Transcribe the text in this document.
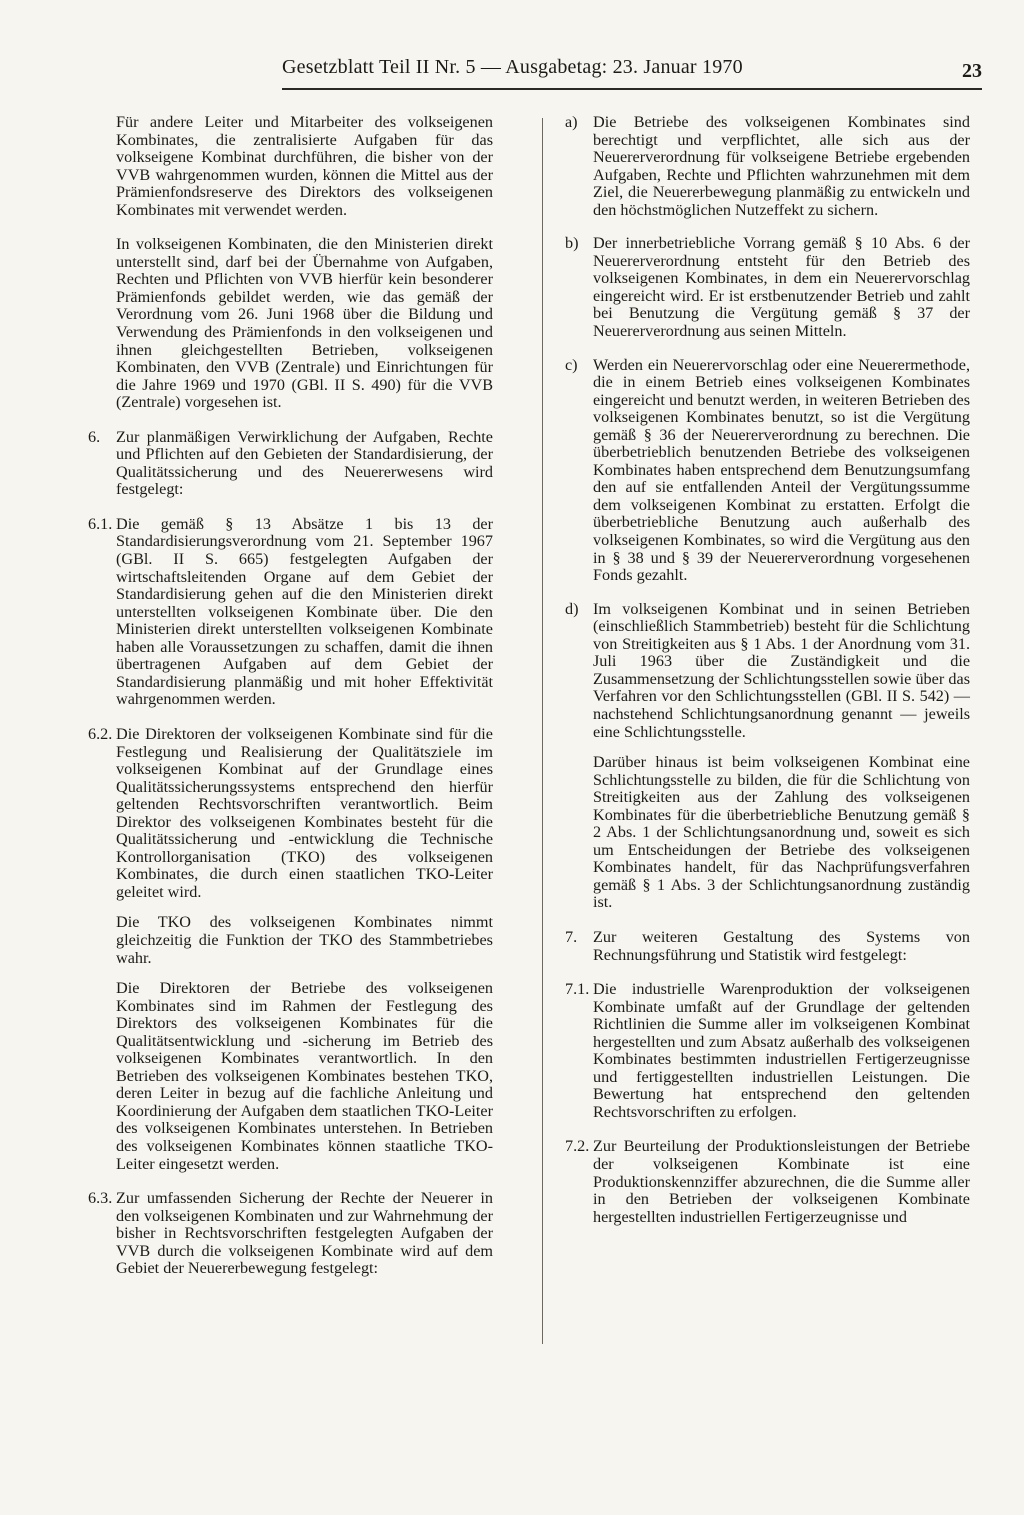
Gesetzblatt Teil II Nr. 5 — Ausgabetag: 23. Januar 1970	23

Für andere Leiter und Mitarbeiter des volkseigenen Kombinates, die zentralisierte Aufgaben für das volkseigene Kombinat durchführen, die bisher von der VVB wahrgenommen wurden, können die Mittel aus der Prämienfondsreserve des Direktors des volkseigenen Kombinates mit verwendet werden.

In volkseigenen Kombinaten, die den Ministerien direkt unterstellt sind, darf bei der Übernahme von Aufgaben, Rechten und Pflichten von VVB hierfür kein besonderer Prämienfonds gebildet werden, wie das gemäß der Verordnung vom 26. Juni 1968 über die Bildung und Verwendung des Prämienfonds in den volkseigenen und ihnen gleichgestellten Betrieben, volkseigenen Kombinaten, den VVB (Zentrale) und Einrichtungen für die Jahre 1969 und 1970 (GBl. II S. 490) für die VVB (Zentrale) vorgesehen ist.

6. Zur planmäßigen Verwirklichung der Aufgaben, Rechte und Pflichten auf den Gebieten der Standardisierung, der Qualitätssicherung und des Neuererwesens wird festgelegt:
6.1. Die gemäß § 13 Absätze 1 bis 13 der Standardisierungsverordnung vom 21. September 1967 (GBl. II S. 665) festgelegten Aufgaben der wirtschaftsleitenden Organe auf dem Gebiet der Standardisierung gehen auf die den Ministerien direkt unterstellten volkseigenen Kombinate über. Die den Ministerien direkt unterstellten volkseigenen Kombinate haben alle Voraussetzungen zu schaffen, damit die ihnen übertragenen Aufgaben auf dem Gebiet der Standardisierung planmäßig und mit hoher Effektivität wahrgenommen werden.
6.2. Die Direktoren der volkseigenen Kombinate sind für die Festlegung und Realisierung der Qualitätsziele im volkseigenen Kombinat auf der Grundlage eines Qualitätssicherungssystems entsprechend den hierfür geltenden Rechtsvorschriften verantwortlich. Beim Direktor des volkseigenen Kombinates besteht für die Qualitätssicherung und -entwicklung die Technische Kontrollorganisation (TKO) des volkseigenen Kombinates, die durch einen staatlichen TKO-Leiter geleitet wird.

Die TKO des volkseigenen Kombinates nimmt gleichzeitig die Funktion der TKO des Stammbetriebes wahr.

Die Direktoren der Betriebe des volkseigenen Kombinates sind im Rahmen der Festlegung des Direktors des volkseigenen Kombinates für die Qualitätsentwicklung und -sicherung im Betrieb des volkseigenen Kombinates verantwortlich. In den Betrieben des volkseigenen Kombinates bestehen TKO, deren Leiter in bezug auf die fachliche Anleitung und Koordinierung der Aufgaben dem staatlichen TKO-Leiter des volkseigenen Kombinates unterstehen. In Betrieben des volkseigenen Kombinates können staatliche TKO-Leiter eingesetzt werden.

6.3. Zur umfassenden Sicherung der Rechte der Neuerer in den volkseigenen Kombinaten und zur Wahrnehmung der bisher in Rechtsvorschriften festgelegten Aufgaben der VVB durch die volkseigenen Kombinate wird auf dem Gebiet der Neuererbewegung festgelegt:
a) Die Betriebe des volkseigenen Kombinates sind berechtigt und verpflichtet, alle sich aus der Neuererverordnung für volkseigene Betriebe ergebenden Aufgaben, Rechte und Pflichten wahrzunehmen mit dem Ziel, die Neuererbewegung planmäßig zu entwickeln und den höchstmöglichen Nutzeffekt zu sichern.
b) Der innerbetriebliche Vorrang gemäß § 10 Abs. 6 der Neuererverordnung entsteht für den Betrieb des volkseigenen Kombinates, in dem ein Neuerervorschlag eingereicht wird. Er ist erstbenutzender Betrieb und zahlt bei Benutzung die Vergütung gemäß § 37 der Neuererverordnung aus seinen Mitteln.
c) Werden ein Neuerervorschlag oder eine Neuerermethode, die in einem Betrieb eines volkseigenen Kombinates eingereicht und benutzt werden, in weiteren Betrieben des volkseigenen Kombinates benutzt, so ist die Vergütung gemäß § 36 der Neuererverordnung zu berechnen. Die überbetrieblich benutzenden Betriebe des volkseigenen Kombinates haben entsprechend dem Benutzungsumfang den auf sie entfallenden Anteil der Vergütungssumme dem volkseigenen Kombinat zu erstatten. Erfolgt die überbetriebliche Benutzung auch außerhalb des volkseigenen Kombinates, so wird die Vergütung aus den in § 38 und § 39 der Neuererverordnung vorgesehenen Fonds gezahlt.
d) Im volkseigenen Kombinat und in seinen Betrieben (einschließlich Stammbetrieb) besteht für die Schlichtung von Streitigkeiten aus § 1 Abs. 1 der Anordnung vom 31. Juli 1963 über die Zuständigkeit und die Zusammensetzung der Schlichtungsstellen sowie über das Verfahren vor den Schlichtungsstellen (GBl. II S. 542) — nachstehend Schlichtungsanordnung genannt — jeweils eine Schlichtungsstelle.

Darüber hinaus ist beim volkseigenen Kombinat eine Schlichtungsstelle zu bilden, die für die Schlichtung von Streitigkeiten aus der Zahlung des volkseigenen Kombinates für die überbetriebliche Benutzung gemäß § 2 Abs. 1 der Schlichtungsanordnung und, soweit es sich um Entscheidungen der Betriebe des volkseigenen Kombinates handelt, für das Nachprüfungsverfahren gemäß § 1 Abs. 3 der Schlichtungsanordnung zuständig ist.

7. Zur weiteren Gestaltung des Systems von Rechnungsführung und Statistik wird festgelegt:
7.1. Die industrielle Warenproduktion der volkseigenen Kombinate umfaßt auf der Grundlage der geltenden Richtlinien die Summe aller im volkseigenen Kombinat hergestellten und zum Absatz außerhalb des volkseigenen Kombinates bestimmten industriellen Fertigerzeugnisse und fertiggestellten industriellen Leistungen. Die Bewertung hat entsprechend den geltenden Rechtsvorschriften zu erfolgen.
7.2. Zur Beurteilung der Produktionsleistungen der Betriebe der volkseigenen Kombinate ist eine Produktionskennziffer abzurechnen, die die Summe aller in den Betrieben der volkseigenen Kombinate hergestellten industriellen Fertigerzeugnisse und
